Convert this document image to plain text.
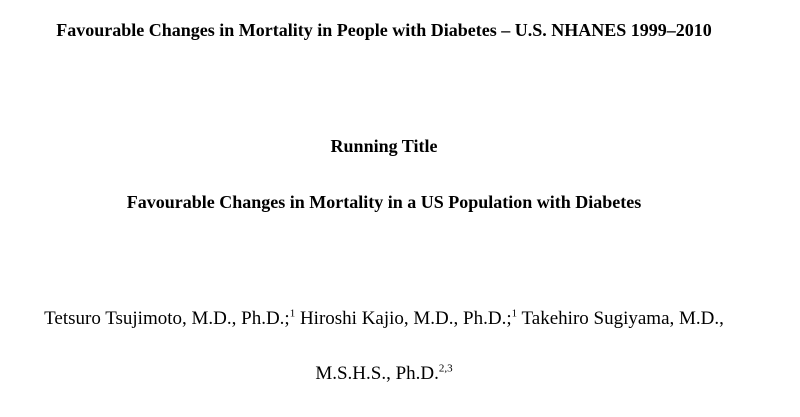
Favourable Changes in Mortality in People with Diabetes – U.S. NHANES 1999–2010
Running Title
Favourable Changes in Mortality in a US Population with Diabetes
Tetsuro Tsujimoto, M.D., Ph.D.;$^1$ Hiroshi Kajio, M.D., Ph.D.;$^1$ Takehiro Sugiyama, M.D.,
M.S.H.S., Ph.D.$^{2,3}$
